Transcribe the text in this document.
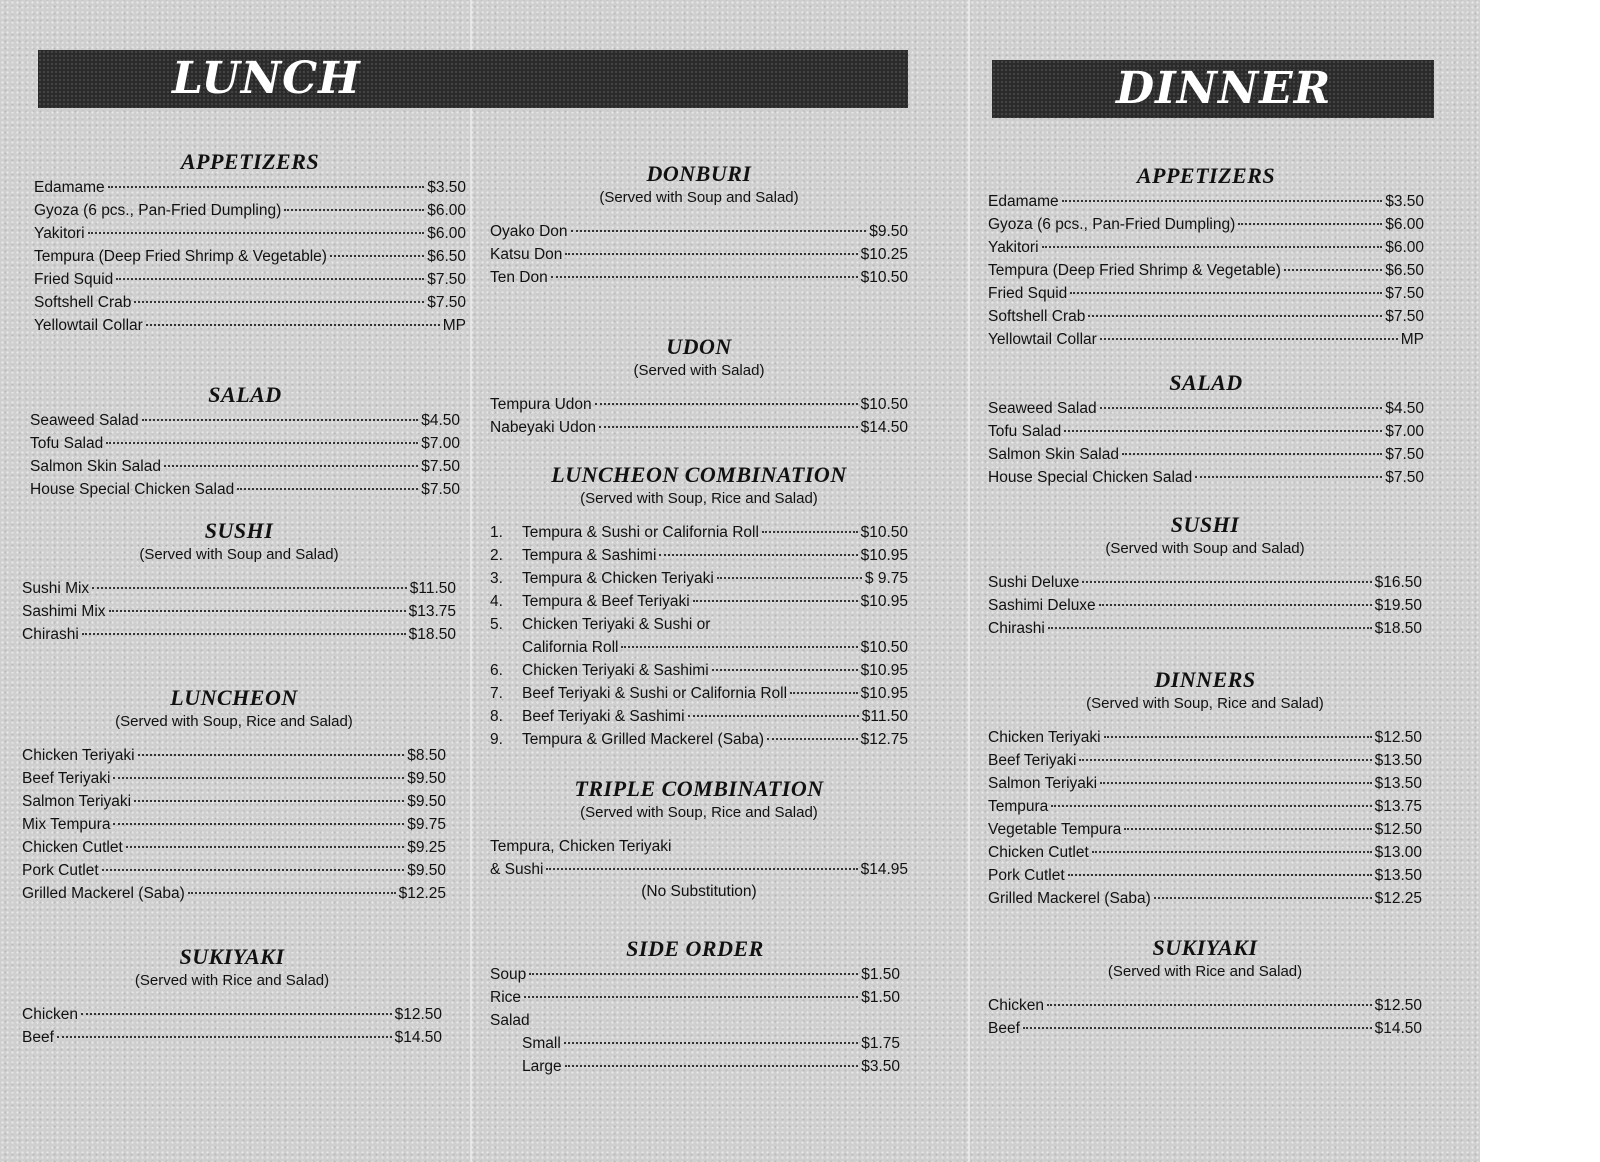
LUNCH	DINNER

APPETIZERS

Edamame	$3.50
Gyoza (6 pcs., Pan-Fried Dumpling)	$6.00
Yakitori	$6.00
Tempura (Deep Fried Shrimp & Vegetable)	$6.50
Fried Squid	$7.50
Softshell Crab	$7.50
Yellowtail Collar	MP

SALAD

Seaweed Salad	$4.50
Tofu Salad	$7.00
Salmon Skin Salad	$7.50
House Special Chicken Salad	$7.50

SUSHI

(Served with Soup and Salad)

Sushi Mix	$11.50
Sashimi Mix	$13.75
Chirashi	$18.50

LUNCHEON

(Served with Soup, Rice and Salad)

Chicken Teriyaki	$8.50
Beef Teriyaki	$9.50
Salmon Teriyaki	$9.50
Mix Tempura	$9.75
Chicken Cutlet	$9.25
Pork Cutlet	$9.50
Grilled Mackerel (Saba)	$12.25

SUKIYAKI

(Served with Rice and Salad)

Chicken	$12.50
Beef	$14.50

DONBURI

(Served with Soup and Salad)

Oyako Don	$9.50
Katsu Don	$10.25
Ten Don	$10.50

UDON

(Served with Salad)

Tempura Udon	$10.50
Nabeyaki Udon	$14.50

LUNCHEON COMBINATION

(Served with Soup, Rice and Salad)

1.	Tempura & Sushi or California Roll	$10.50
2.	Tempura & Sashimi	$10.95
3.	Tempura & Chicken Teriyaki	$ 9.75
4.	Tempura & Beef Teriyaki	$10.95
5.	Chicken Teriyaki & Sushi or
California Roll	$10.50
6.	Chicken Teriyaki & Sashimi	$10.95
7.	Beef Teriyaki & Sushi or California Roll	$10.95
8.	Beef Teriyaki & Sashimi	$11.50
9.	Tempura & Grilled Mackerel (Saba)	$12.75

TRIPLE COMBINATION

(Served with Soup, Rice and Salad)

Tempura, Chicken Teriyaki
& Sushi	$14.95
(No Substitution)

SIDE ORDER

Soup	$1.50
Rice	$1.50
Salad
Small	$1.75
Large	$3.50

APPETIZERS

Edamame	$3.50
Gyoza (6 pcs., Pan-Fried Dumpling)	$6.00
Yakitori	$6.00
Tempura (Deep Fried Shrimp & Vegetable)	$6.50
Fried Squid	$7.50
Softshell Crab	$7.50
Yellowtail Collar	MP

SALAD

Seaweed Salad	$4.50
Tofu Salad	$7.00
Salmon Skin Salad	$7.50
House Special Chicken Salad	$7.50

SUSHI

(Served with Soup and Salad)

Sushi Deluxe	$16.50
Sashimi Deluxe	$19.50
Chirashi	$18.50

DINNERS

(Served with Soup, Rice and Salad)

Chicken Teriyaki	$12.50
Beef Teriyaki	$13.50
Salmon Teriyaki	$13.50
Tempura	$13.75
Vegetable Tempura	$12.50
Chicken Cutlet	$13.00
Pork Cutlet	$13.50
Grilled Mackerel (Saba)	$12.25

SUKIYAKI

(Served with Rice and Salad)

Chicken	$12.50
Beef	$14.50
